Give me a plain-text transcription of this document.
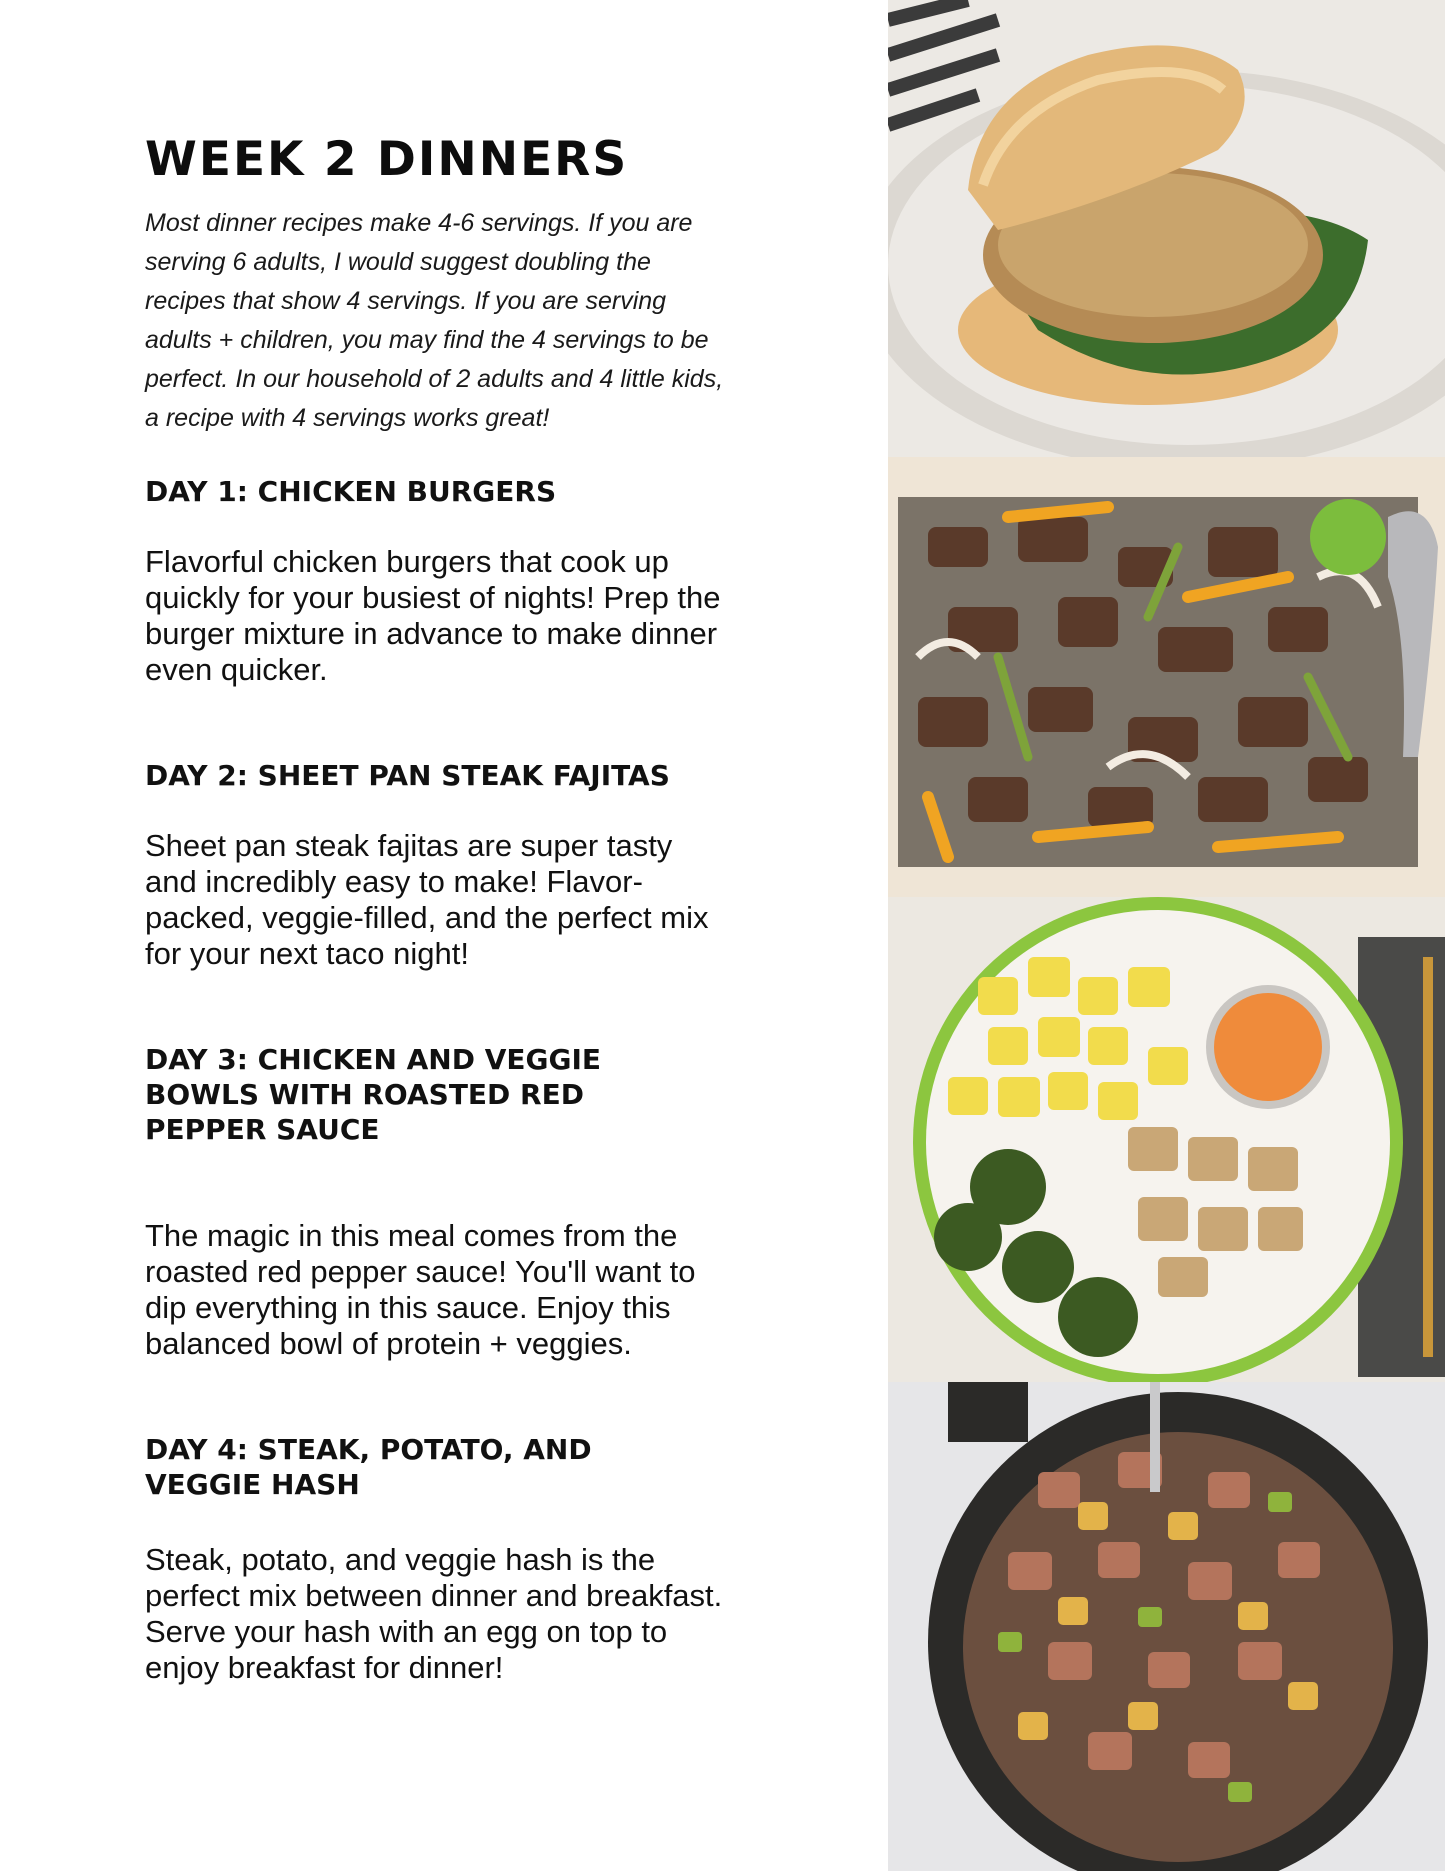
WEEK 2 DINNERS

Most dinner recipes make 4-6 servings. If you are serving 6 adults, I would suggest doubling the recipes that show 4 servings. If you are serving adults + children, you may find the 4 servings to be perfect. In our household of 2 adults and 4 little kids, a recipe with 4 servings works great!

DAY 1: CHICKEN BURGERS

Flavorful chicken burgers that cook up quickly for your busiest of nights! Prep the burger mixture in advance to make dinner even quicker.

DAY 2: SHEET PAN STEAK FAJITAS

Sheet pan steak fajitas are super tasty and incredibly easy to make! Flavor-packed, veggie-filled, and the perfect mix for your next taco night!

DAY 3: CHICKEN AND VEGGIE BOWLS WITH ROASTED RED PEPPER SAUCE

The magic in this meal comes from the roasted red pepper sauce! You'll want to dip everything in this sauce. Enjoy this balanced bowl of protein + veggies.

DAY 4: STEAK, POTATO, AND VEGGIE HASH

Steak, potato, and veggie hash is the perfect mix between dinner and breakfast. Serve your hash with an egg on top to enjoy breakfast for dinner!
